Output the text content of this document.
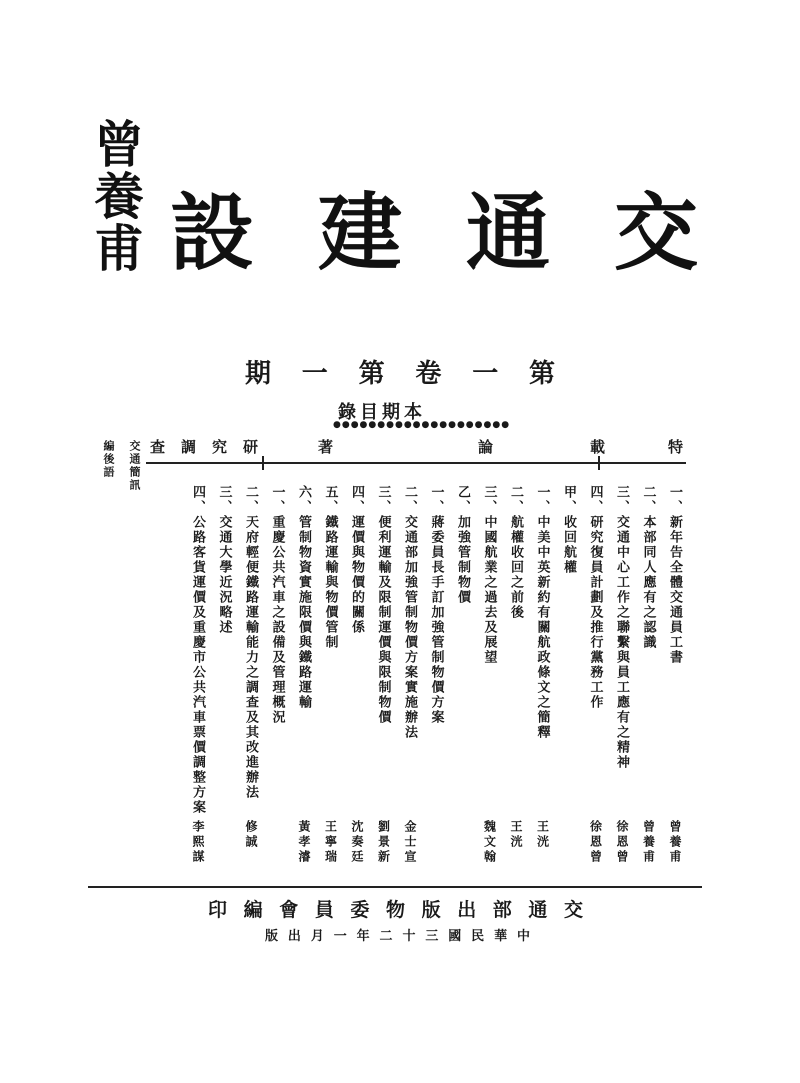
曾養甫 設 建 通 交
第
一
卷
第
一
期
本期目錄
●●●●●●●●●●●●●●●●●●●●
載	特
論
著
研
究
調
查
交通簡訊
編後語
一、新年告全體交通員工書
曾養甫
二、本部同人應有之認識
曾養甫
三、交通中心工作之聯繫與員工應有之精神
徐恩曾
四、研究復員計劃及推行黨務工作
徐恩曾
甲、收回航權
一、中美中英新約有關航政條文之簡釋
王洸
二、航權收回之前後
王洸
三、中國航業之過去及展望
魏文翰
乙、加強管制物價
一、蔣委員長手訂加強管制物價方案
二、交通部加強管制物價方案實施辦法
金士宣
三、便利運輸及限制運價與限制物價
劉景新
四、運價與物價的關係
沈奏廷
五、鐵路運輸與物價管制
王寧瑞
六、管制物資實施限價與鐵路運輸
黃孝濬
一、重慶公共汽車之設備及管理概況
二、天府輕便鐵路運輸能力之調查及其改進辦法
修誠
三、交通大學近況略述
四、公路客貨運價及重慶市公共汽車票價調整方案
李熙謀
交
通
部
出
版
物
委
員
會
編
印
中
華
民
國
三
十
二
年
一
月
出
版
